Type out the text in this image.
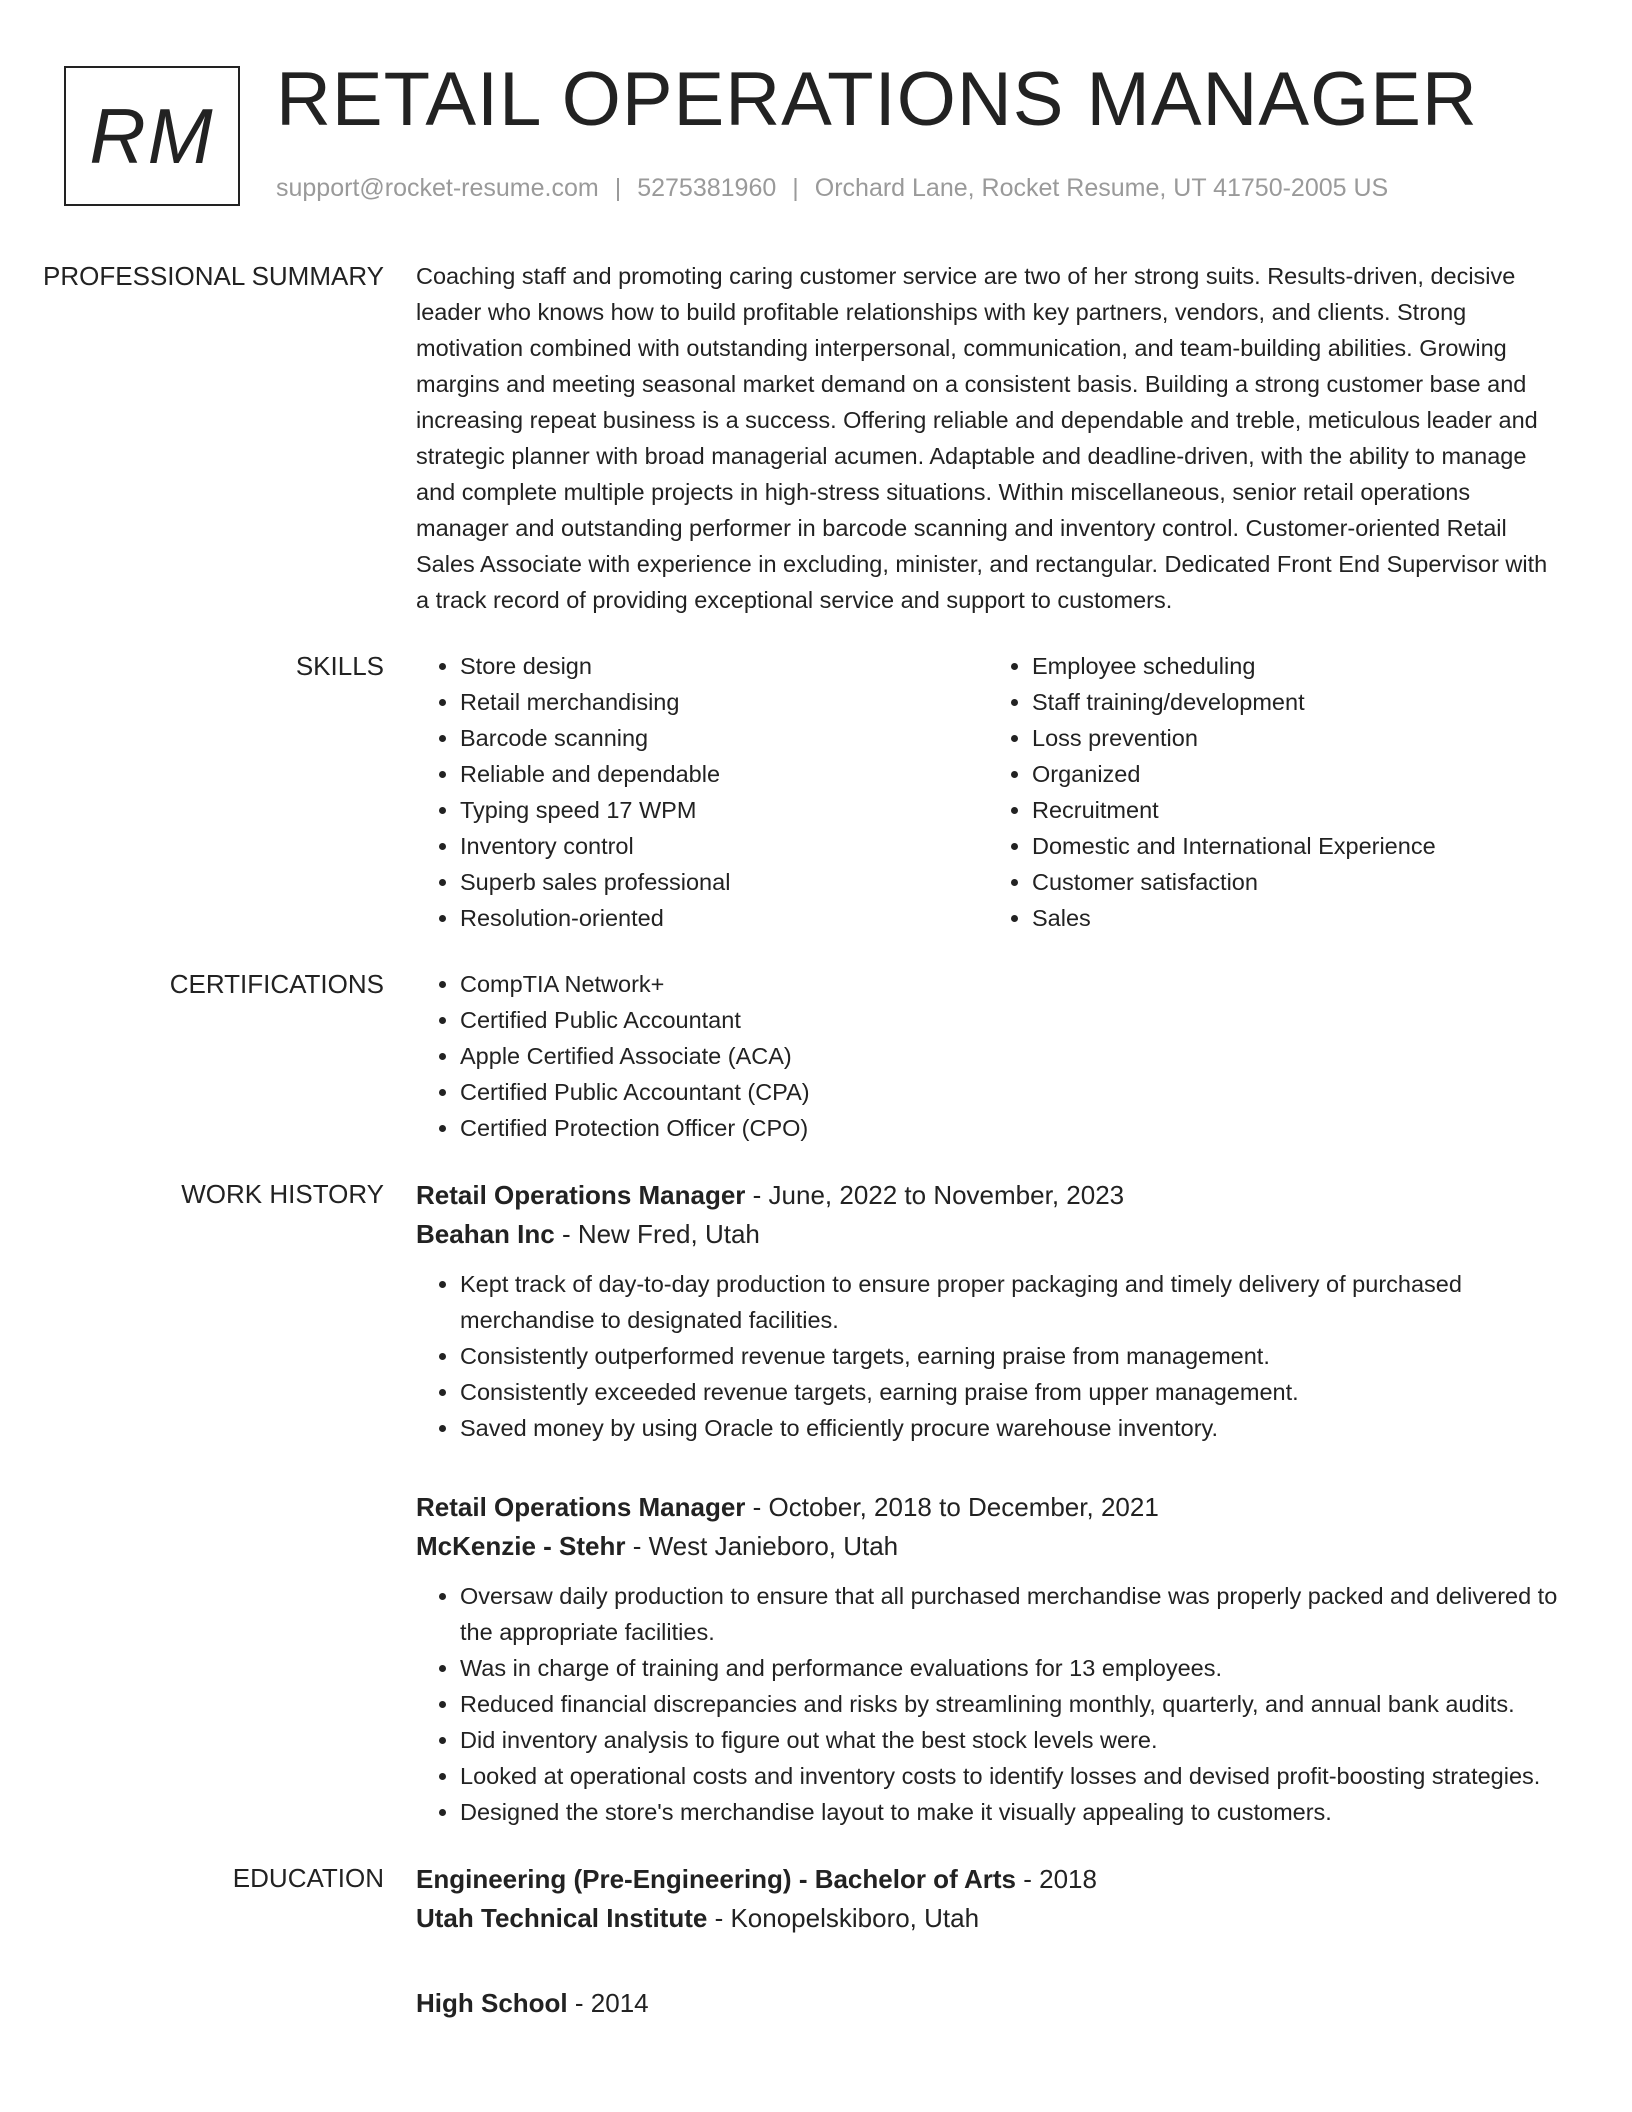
RM RETAIL OPERATIONS MANAGER
support@rocket-resume.com | 5275381960 | Orchard Lane, Rocket Resume, UT 41750-2005 US
PROFESSIONAL SUMMARY	Coaching staff and promoting caring customer service are two of her strong suits. Results-driven, decisive leader who knows how to build profitable relationships with key partners, vendors, and clients. Strong motivation combined with outstanding interpersonal, communication, and team-building abilities. Growing margins and meeting seasonal market demand on a consistent basis. Building a strong customer base and increasing repeat business is a success. Offering reliable and dependable and treble, meticulous leader and strategic planner with broad managerial acumen. Adaptable and deadline-driven, with the ability to manage and complete multiple projects in high-stress situations. Within miscellaneous, senior retail operations manager and outstanding performer in barcode scanning and inventory control. Customer-oriented Retail Sales Associate with experience in excluding, minister, and rectangular. Dedicated Front End Supervisor with a track record of providing exceptional service and support to customers.

SKILLS	• Store design
• Retail merchandising
• Barcode scanning
• Reliable and dependable
• Typing speed 17 WPM
• Inventory control
• Superb sales professional
• Resolution-oriented
• Employee scheduling
• Staff training/development
• Loss prevention
• Organized
• Recruitment
• Domestic and International Experience
• Customer satisfaction
• Sales
CERTIFICATIONS	• CompTIA Network+
• Certified Public Accountant
• Apple Certified Associate (ACA)
• Certified Public Accountant (CPA)
• Certified Protection Officer (CPO)
WORK HISTORY	Retail Operations Manager - June, 2022 to November, 2023
Beahan Inc - New Fred, Utah
• Kept track of day-to-day production to ensure proper packaging and timely delivery of purchased merchandise to designated facilities.
• Consistently outperformed revenue targets, earning praise from management.
• Consistently exceeded revenue targets, earning praise from upper management.
• Saved money by using Oracle to efficiently procure warehouse inventory.
Retail Operations Manager - October, 2018 to December, 2021
McKenzie - Stehr - West Janieboro, Utah
• Oversaw daily production to ensure that all purchased merchandise was properly packed and delivered to the appropriate facilities.
• Was in charge of training and performance evaluations for 13 employees.
• Reduced financial discrepancies and risks by streamlining monthly, quarterly, and annual bank audits.
• Did inventory analysis to figure out what the best stock levels were.
• Looked at operational costs and inventory costs to identify losses and devised profit-boosting strategies.
• Designed the store's merchandise layout to make it visually appealing to customers.
EDUCATION	Engineering (Pre-Engineering) - Bachelor of Arts - 2018
Utah Technical Institute - Konopelskiboro, Utah
High School - 2014
